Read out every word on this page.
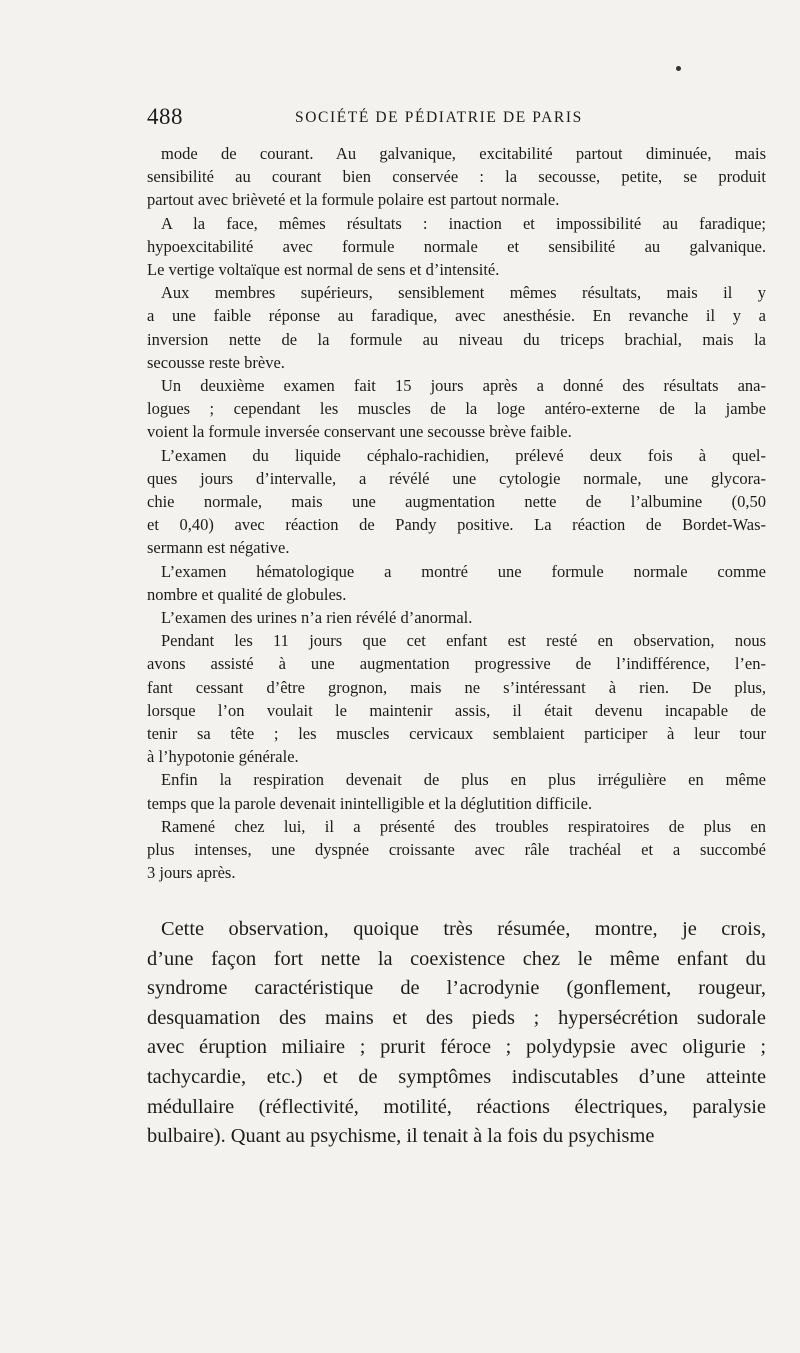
488	SOCIÉTÉ DE PÉDIATRIE DE PARIS

mode de courant. Au galvanique, excitabilité partout diminuée, mais
sensibilité au courant bien conservée : la secousse, petite, se produit
partout avec brièveté et la formule polaire est partout normale.

A la face, mêmes résultats : inaction et impossibilité au faradique;
hypoexcitabilité avec formule normale et sensibilité au galvanique.
Le vertige voltaïque est normal de sens et d’intensité.

Aux membres supérieurs, sensiblement mêmes résultats, mais il y
a une faible réponse au faradique, avec anesthésie. En revanche il y a
inversion nette de la formule au niveau du triceps brachial, mais la
secousse reste brève.

Un deuxième examen fait 15 jours après a donné des résultats ana-
logues ; cependant les muscles de la loge antéro-externe de la jambe
voient la formule inversée conservant une secousse brève faible.

L’examen du liquide céphalo-rachidien, prélevé deux fois à quel-
ques jours d’intervalle, a révélé une cytologie normale, une glycora-
chie normale, mais une augmentation nette de l’albumine (0,50
et 0,40) avec réaction de Pandy positive. La réaction de Bordet-Was-
sermann est négative.

L’examen hématologique a montré une formule normale comme
nombre et qualité de globules.

L’examen des urines n’a rien révélé d’anormal.

Pendant les 11 jours que cet enfant est resté en observation, nous
avons assisté à une augmentation progressive de l’indifférence, l’en-
fant cessant d’être grognon, mais ne s’intéressant à rien. De plus,
lorsque l’on voulait le maintenir assis, il était devenu incapable de
tenir sa tête ; les muscles cervicaux semblaient participer à leur tour
à l’hypotonie générale.

Enfin la respiration devenait de plus en plus irrégulière en même
temps que la parole devenait inintelligible et la déglutition difficile.

Ramené chez lui, il a présenté des troubles respiratoires de plus en
plus intenses, une dyspnée croissante avec râle trachéal et a succombé
3 jours après.

Cette observation, quoique très résumée, montre, je crois,
d’une façon fort nette la coexistence chez le même enfant du
syndrome caractéristique de l’acrodynie (gonflement, rougeur,
desquamation des mains et des pieds ; hypersécrétion sudorale
avec éruption miliaire ; prurit féroce ; polydypsie avec oligurie ;
tachycardie, etc.) et de symptômes indiscutables d’une atteinte
médullaire (réflectivité, motilité, réactions électriques, paralysie
bulbaire). Quant au psychisme, il tenait à la fois du psychisme
